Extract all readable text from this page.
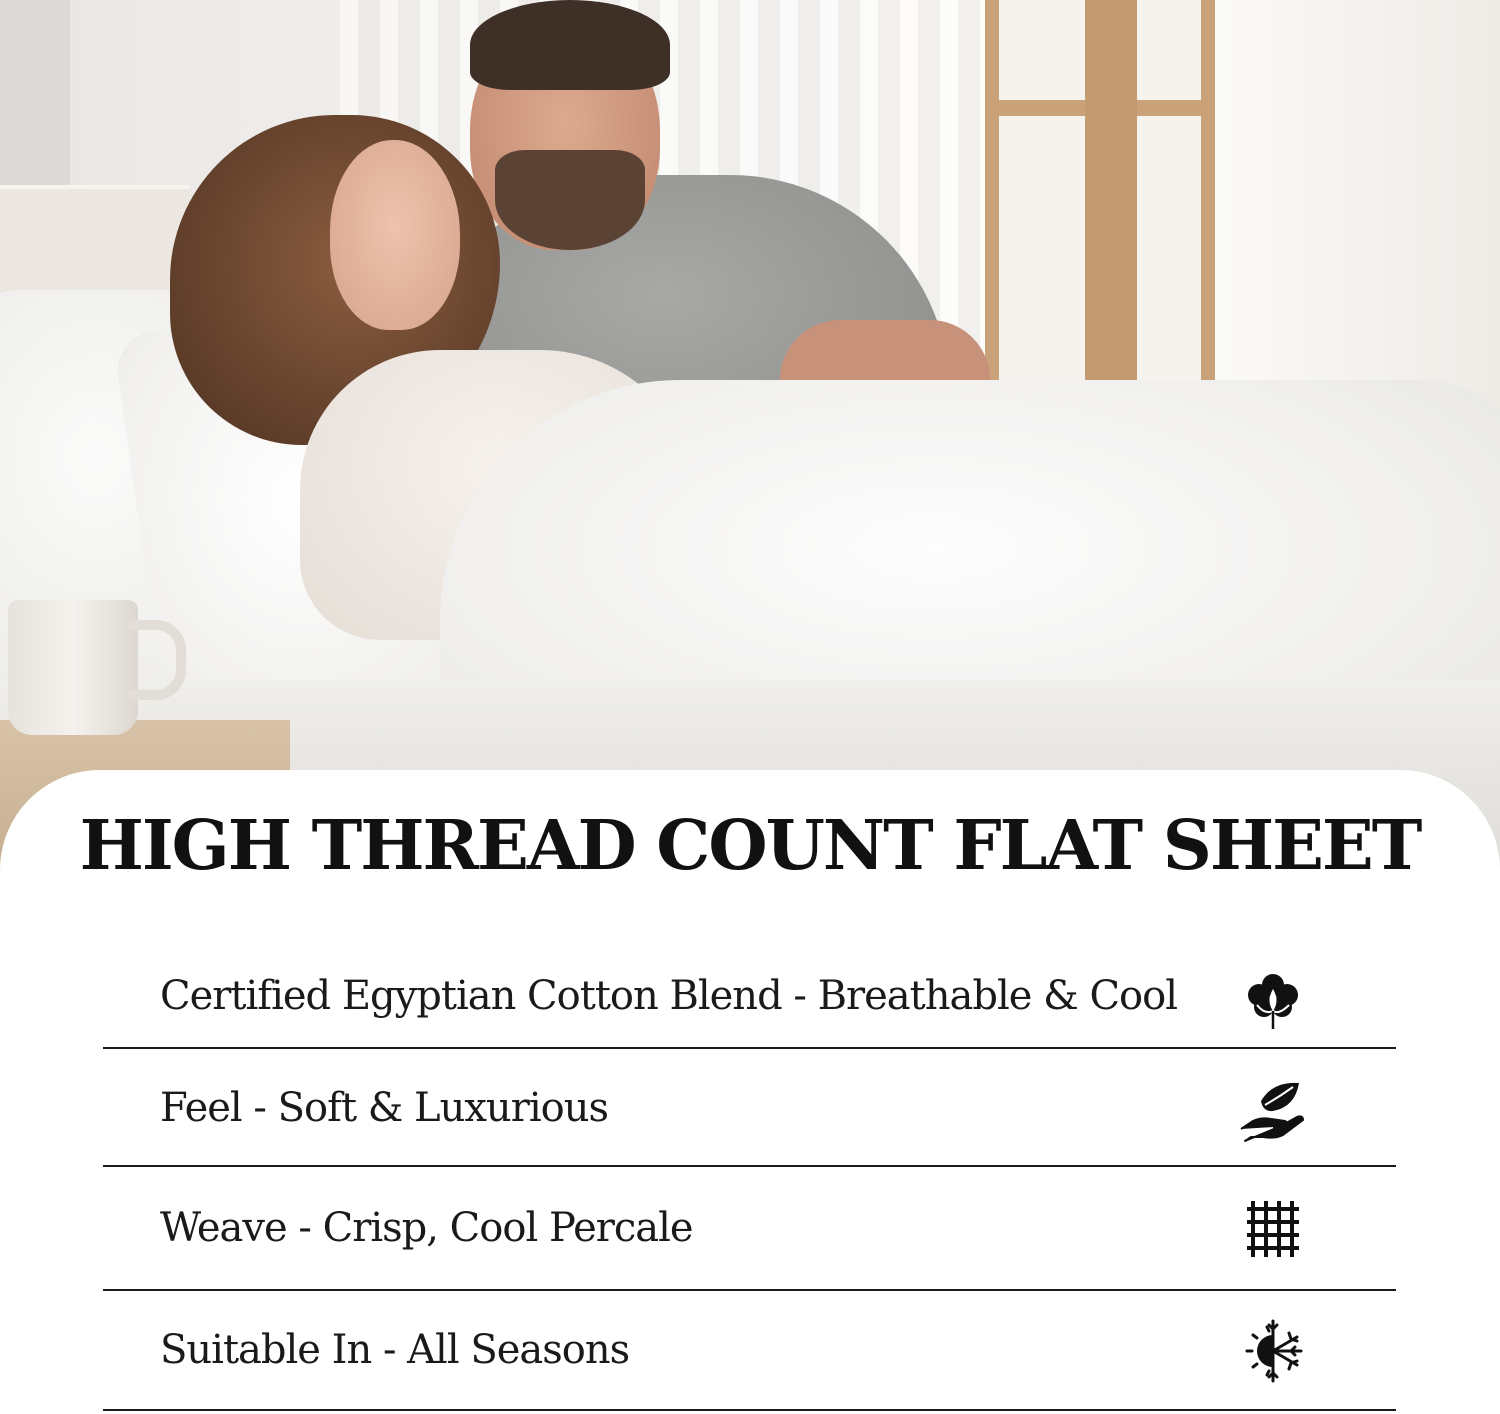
HIGH THREAD COUNT FLAT SHEET
Certified Egyptian Cotton Blend - Breathable & Cool
Feel - Soft & Luxurious
Weave - Crisp, Cool Percale
Suitable In - All Seasons
